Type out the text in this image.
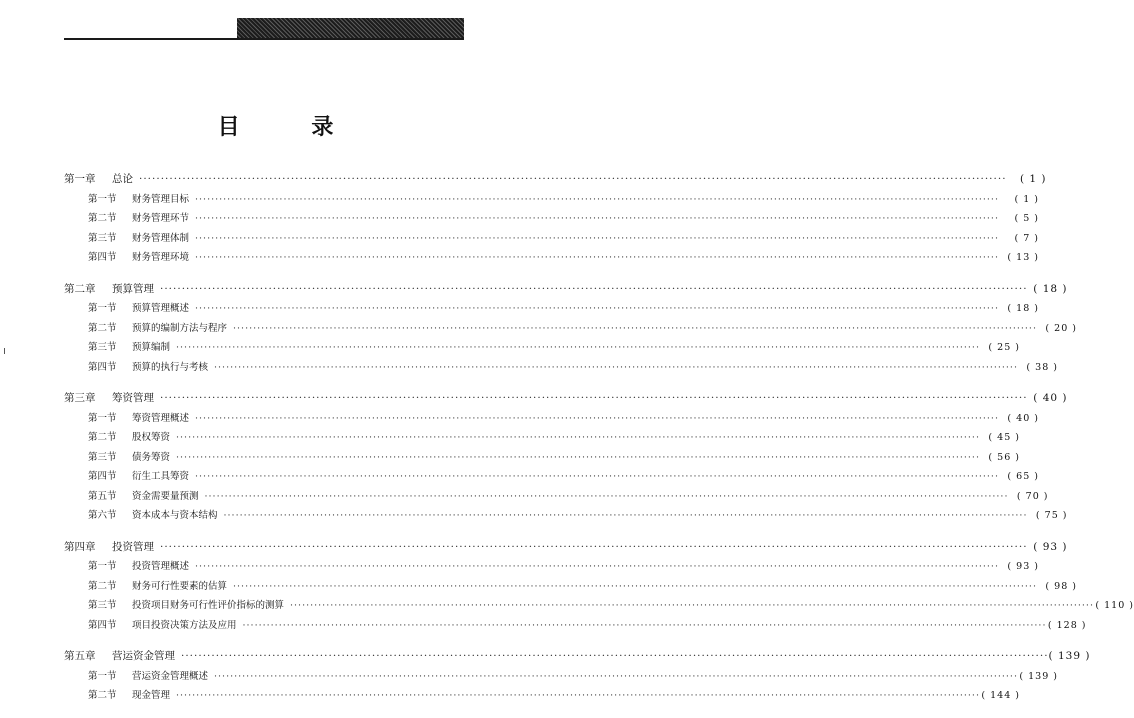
目 录
第一章	总论 ········································································································································································································	( 1 )
第一节	财务管理目标 ········································································································································································································	( 1 )
第二节	财务管理环节 ········································································································································································································	( 5 )
第三节	财务管理体制 ········································································································································································································	( 7 )
第四节	财务管理环境 ········································································································································································································	( 13 )
第二章	预算管理 ········································································································································································································	( 18 )
第一节	预算管理概述 ········································································································································································································	( 18 )
第二节	预算的编制方法与程序 ········································································································································································································	( 20 )
第三节	预算编制 ········································································································································································································	( 25 )
第四节	预算的执行与考核 ········································································································································································································	( 38 )
第三章	筹资管理 ········································································································································································································	( 40 )
第一节	筹资管理概述 ········································································································································································································	( 40 )
第二节	股权筹资 ········································································································································································································	( 45 )
第三节	债务筹资 ········································································································································································································	( 56 )
第四节	衍生工具筹资 ········································································································································································································	( 65 )
第五节	资金需要量预测 ········································································································································································································	( 70 )
第六节	资本成本与资本结构 ········································································································································································································	( 75 )
第四章	投资管理 ········································································································································································································	( 93 )
第一节	投资管理概述 ········································································································································································································	( 93 )
第二节	财务可行性要素的估算 ········································································································································································································	( 98 )
第三节	投资项目财务可行性评价指标的测算 ········································································································································································································	( 110 )
第四节	项目投资决策方法及应用 ········································································································································································································	( 128 )
第五章	营运资金管理 ········································································································································································································ ( 139 )
第一节	营运资金管理概述 ········································································································································································································	( 139 )
第二节	现金管理 ········································································································································································································	( 144 )
